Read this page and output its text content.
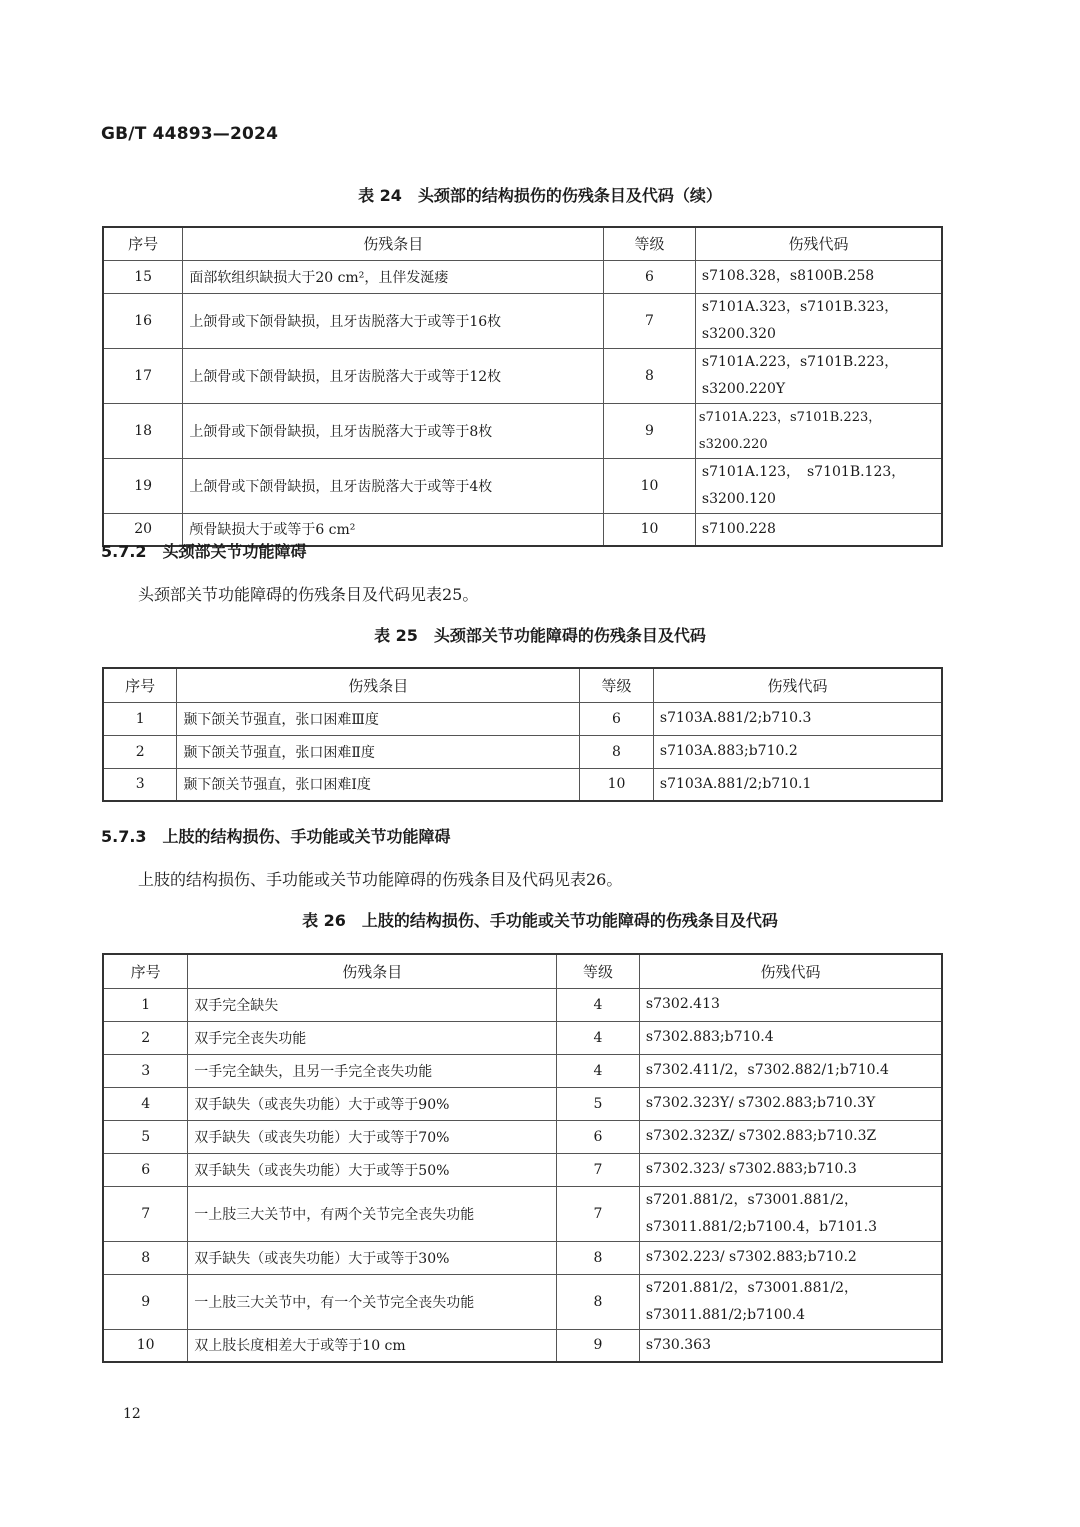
GB/T 44893—2024
表 24　头颈部的结构损伤的伤残条目及代码（续）
序号	伤残条目	等级	伤残代码
15	面部软组织缺损大于20 cm²，且伴发涎瘘	6	s7108.328，s8100B.258
16	上颌骨或下颌骨缺损，且牙齿脱落大于或等于16枚	7	s7101A.323，s7101B.323，s3200.320
17	上颌骨或下颌骨缺损，且牙齿脱落大于或等于12枚	8	s7101A.223，s7101B.223，s3200.220Y
18	上颌骨或下颌骨缺损，且牙齿脱落大于或等于8枚	9	s7101A.223，s7101B.223，s3200.220
19	上颌骨或下颌骨缺损，且牙齿脱落大于或等于4枚	10	s7101A.123，　s7101B.123，s3200.120
20	颅骨缺损大于或等于6 cm²	10	s7100.228
5.7.2　头颈部关节功能障碍
头颈部关节功能障碍的伤残条目及代码见表25。
表 25　头颈部关节功能障碍的伤残条目及代码
序号	伤残条目	等级	伤残代码
1	颞下颌关节强直，张口困难Ⅲ度	6	s7103A.881/2;b710.3
2	颞下颌关节强直，张口困难Ⅱ度	8	s7103A.883;b710.2
3	颞下颌关节强直，张口困难Ⅰ度	10	s7103A.881/2;b710.1
5.7.3　上肢的结构损伤、手功能或关节功能障碍
上肢的结构损伤、手功能或关节功能障碍的伤残条目及代码见表26。
表 26　上肢的结构损伤、手功能或关节功能障碍的伤残条目及代码
序号	伤残条目	等级	伤残代码
1	双手完全缺失	4	s7302.413
2	双手完全丧失功能	4	s7302.883;b710.4
3	一手完全缺失，且另一手完全丧失功能	4	s7302.411/2，s7302.882/1;b710.4
4	双手缺失（或丧失功能）大于或等于90%	5	s7302.323Y/ s7302.883;b710.3Y
5	双手缺失（或丧失功能）大于或等于70%	6	s7302.323Z/ s7302.883;b710.3Z
6	双手缺失（或丧失功能）大于或等于50%	7	s7302.323/ s7302.883;b710.3
7	一上肢三大关节中，有两个关节完全丧失功能	7	s7201.881/2，s73001.881/2，s73011.881/2;b7100.4，b7101.3
8	双手缺失（或丧失功能）大于或等于30%	8	s7302.223/ s7302.883;b710.2
9	一上肢三大关节中，有一个关节完全丧失功能	8	s7201.881/2，s73001.881/2，s73011.881/2;b7100.4
10	双上肢长度相差大于或等于10 cm	9	s730.363
12
